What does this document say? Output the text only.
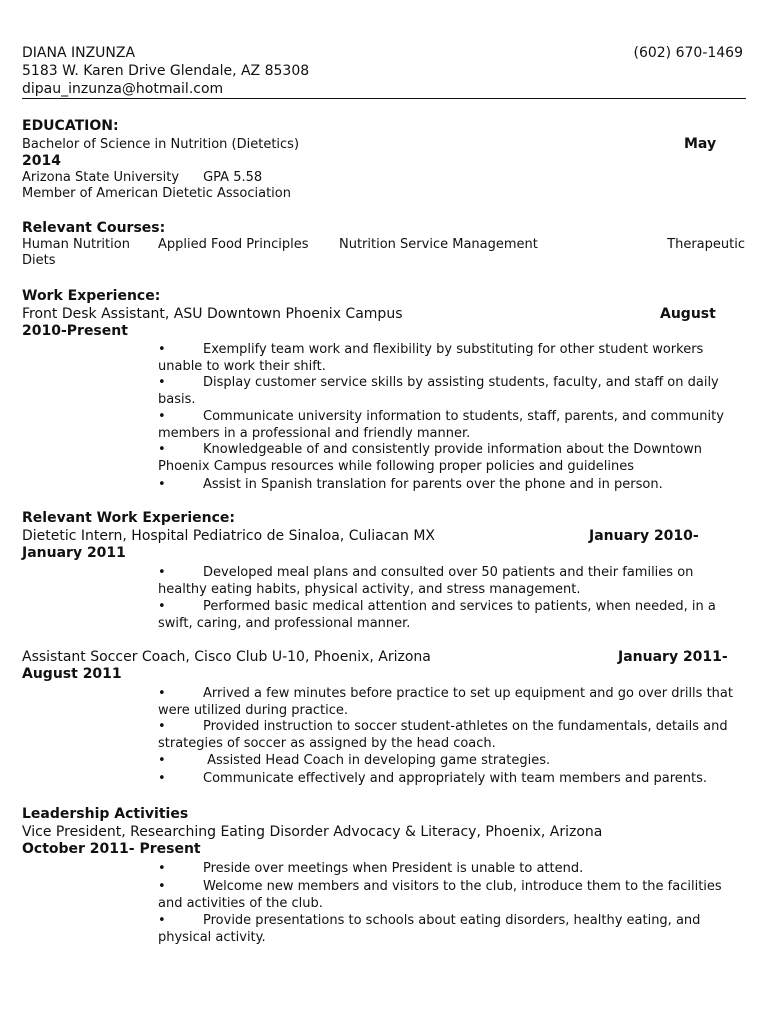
DIANA INZUNZA	(602) 670-1469
5183 W. Karen Drive Glendale, AZ 85308
dipau_inzunza@hotmail.com
EDUCATION:
Bachelor of Science in Nutrition (Dietetics)	May
2014
Arizona State University GPA 5.58
Member of American Dietetic Association
Relevant Courses:
Human Nutrition Applied Food Principles Nutrition Service Management	Therapeutic
Diets
Work Experience:
Front Desk Assistant, ASU Downtown Phoenix Campus	August
2010-Present
•	Exemplify team work and flexibility by substituting for other student workers unable to work their shift.
•	Display customer service skills by assisting students, faculty, and staff on daily basis.
•	Communicate university information to students, staff, parents, and community members in a professional and friendly manner.
•	Knowledgeable of and consistently provide information about the Downtown Phoenix Campus resources while following proper policies and guidelines
•	Assist in Spanish translation for parents over the phone and in person.
Relevant Work Experience:
Dietetic Intern, Hospital Pediatrico de Sinaloa, Culiacan MX	January 2010-
January 2011
•	Developed meal plans and consulted over 50 patients and their families on healthy eating habits, physical activity, and stress management.
•	Performed basic medical attention and services to patients, when needed, in a swift, caring, and professional manner.
Assistant Soccer Coach, Cisco Club U-10, Phoenix, Arizona	January 2011-
August 2011
•	Arrived a few minutes before practice to set up equipment and go over drills that were utilized during practice.
•	Provided instruction to soccer student-athletes on the fundamentals, details and strategies of soccer as assigned by the head coach.
•	Assisted Head Coach in developing game strategies.
•	Communicate effectively and appropriately with team members and parents.
Leadership Activities
Vice President, Researching Eating Disorder Advocacy & Literacy, Phoenix, Arizona
October 2011- Present
•	Preside over meetings when President is unable to attend.
•	Welcome new members and visitors to the club, introduce them to the facilities and activities of the club.
•	Provide presentations to schools about eating disorders, healthy eating, and physical activity.
